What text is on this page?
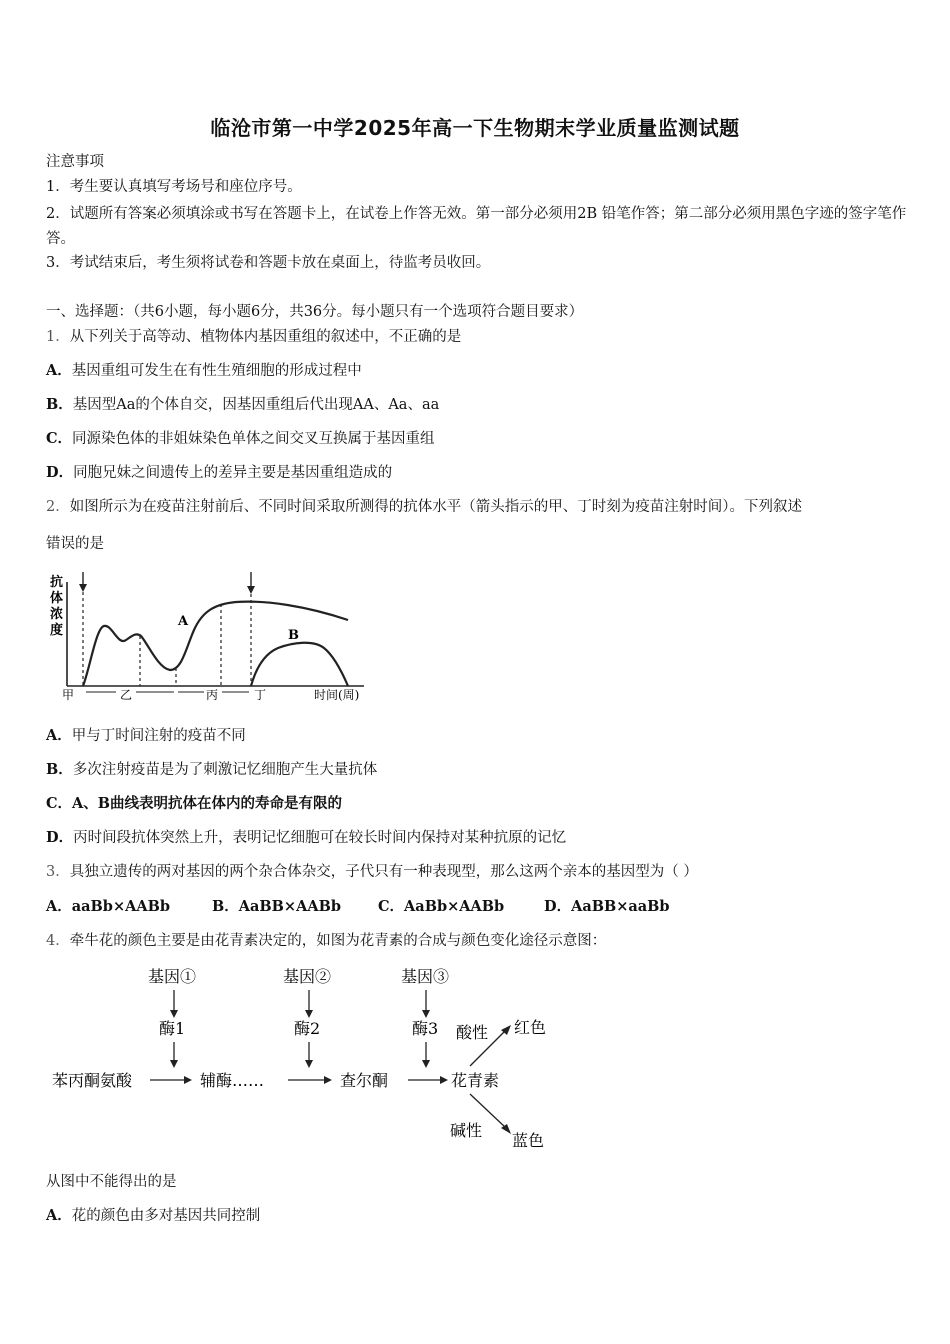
临沧市第一中学2025年高一下生物期末学业质量监测试题
注意事项
1．考生要认真填写考场号和座位序号。
2．试题所有答案必须填涂或书写在答题卡上，在试卷上作答无效。第一部分必须用2B 铅笔作答；第二部分必须用黑色字迹的签字笔作答。
3．考试结束后，考生须将试卷和答题卡放在桌面上，待监考员收回。
一、选择题：（共6小题，每小题6分，共36分。每小题只有一个选项符合题目要求）
1．从下列关于高等动、植物体内基因重组的叙述中，不正确的是
A．基因重组可发生在有性生殖细胞的形成过程中
B．基因型Aa的个体自交，因基因重组后代出现AA、Aa、aa
C．同源染色体的非姐妹染色单体之间交叉互换属于基因重组
D．同胞兄妹之间遗传上的差异主要是基因重组造成的
2．如图所示为在疫苗注射前后、不同时间采取所测得的抗体水平（箭头指示的甲、丁时刻为疫苗注射时间）。下列叙述
错误的是
抗
体
浓
度
A
B
甲	乙	丙	丁	时间(周)
A．甲与丁时间注射的疫苗不同
B．多次注射疫苗是为了刺激记忆细胞产生大量抗体
C．A、B曲线表明抗体在体内的寿命是有限的
D．丙时间段抗体突然上升，表明记忆细胞可在较长时间内保持对某种抗原的记忆
3．具独立遗传的两对基因的两个杂合体杂交，子代只有一种表现型，那么这两个亲本的基因型为（ ）
A．aaBb×AABb	B．AaBB×AABb	C．AaBb×AABb	D．AaBB×aaBb
4．牵牛花的颜色主要是由花青素决定的，如图为花青素的合成与颜色变化途径示意图：
基因①	基因②	基因③
酶1	酶2	酶3
苯丙酮氨酸	辅酶……	查尔酮	花青素
酸性 红色
碱性
蓝色
从图中不能得出的是
A．花的颜色由多对基因共同控制
